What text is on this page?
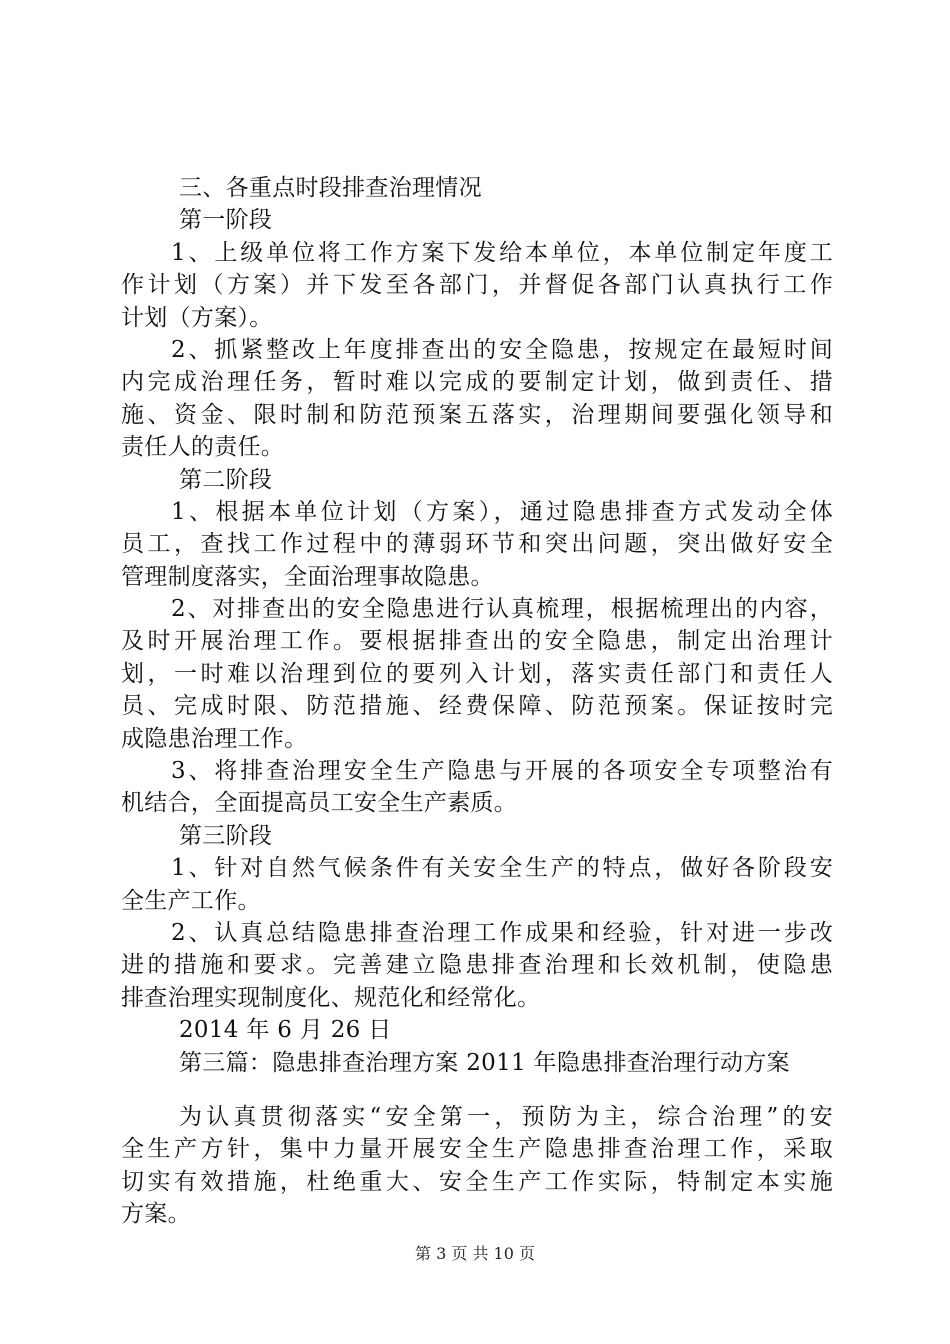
三、各重点时段排查治理情况
第一阶段
1、上级单位将工作方案下发给本单位，本单位制定年度工
作计划（方案）并下发至各部门，并督促各部门认真执行工作
计划（方案）。
2、抓紧整改上年度排查出的安全隐患，按规定在最短时间
内完成治理任务，暂时难以完成的要制定计划，做到责任、措
施、资金、限时制和防范预案五落实，治理期间要强化领导和
责任人的责任。
第二阶段
1、根据本单位计划（方案），通过隐患排查方式发动全体
员工，查找工作过程中的薄弱环节和突出问题，突出做好安全
管理制度落实，全面治理事故隐患。
2、对排查出的安全隐患进行认真梳理，根据梳理出的内容，
及时开展治理工作。要根据排查出的安全隐患，制定出治理计
划，一时难以治理到位的要列入计划，落实责任部门和责任人
员、完成时限、防范措施、经费保障、防范预案。保证按时完
成隐患治理工作。
3、将排查治理安全生产隐患与开展的各项安全专项整治有
机结合，全面提高员工安全生产素质。
第三阶段
1、针对自然气候条件有关安全生产的特点，做好各阶段安
全生产工作。
2、认真总结隐患排查治理工作成果和经验，针对进一步改
进的措施和要求。完善建立隐患排查治理和长效机制，使隐患
排查治理实现制度化、规范化和经常化。
2014 年 6 月 26 日
第三篇：隐患排查治理方案 2011 年隐患排查治理行动方案
为认真贯彻落实“安全第一，预防为主，综合治理”的安
全生产方针，集中力量开展安全生产隐患排查治理工作，采取
切实有效措施，杜绝重大、安全生产工作实际，特制定本实施
方案。
第 3 页 共 10 页
